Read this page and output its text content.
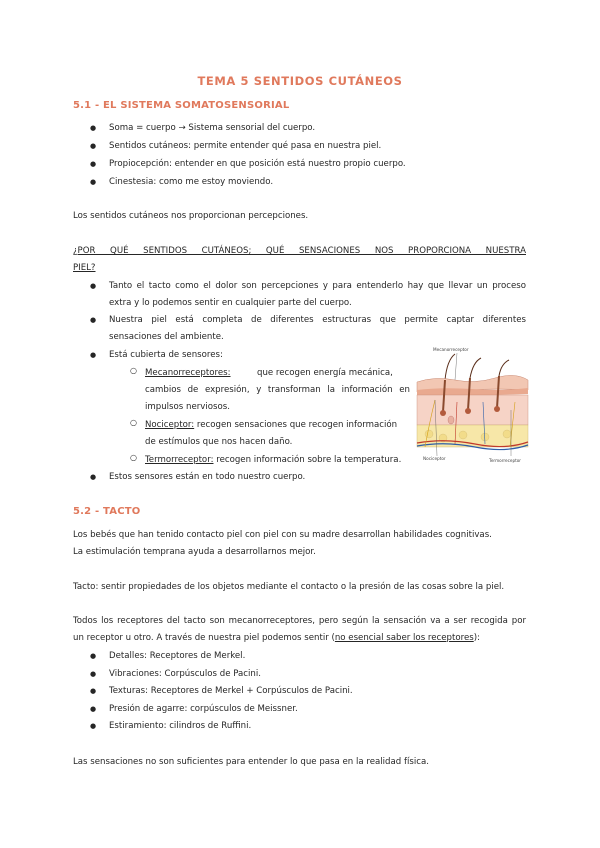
TEMA 5 SENTIDOS CUTÁNEOS
5.1 - EL SISTEMA SOMATOSENSORIAL
● Soma = cuerpo → Sistema sensorial del cuerpo.
● Sentidos cutáneos: permite entender qué pasa en nuestra piel.
● Propiocepción: entender en que posición está nuestro propio cuerpo.
● Cinestesia: como me estoy moviendo.
Los sentidos cutáneos nos proporcionan percepciones.
¿POR QUÉ SENTIDOS CUTÁNEOS; QUÉ SENSACIONES NOS PROPORCIONA NUESTRA
PIEL?
● Tanto el tacto como el dolor son percepciones y para entenderlo hay que llevar un proceso
extra y lo podemos sentir en cualquier parte del cuerpo.
● Nuestra piel está completa de diferentes estructuras que permite captar diferentes
sensaciones del ambiente.
● Está cubierta de sensores:
○ Mecanorreceptores:	que recogen energía mecánica,
cambios de expresión, y transforman la información en
impulsos nerviosos.
○ Nociceptor: recogen sensaciones que recogen información
de estímulos que nos hacen daño.
○ Termorreceptor: recogen información sobre la temperatura.
● Estos sensores están en todo nuestro cuerpo.
Mecanorreceptor
Nociceptor	Termorreceptor
5.2 - TACTO
Los bebés que han tenido contacto piel con piel con su madre desarrollan habilidades cognitivas.
La estimulación temprana ayuda a desarrollarnos mejor.
Tacto: sentir propiedades de los objetos mediante el contacto o la presión de las cosas sobre la piel.
Todos los receptores del tacto son mecanorreceptores, pero según la sensación va a ser recogida por
un receptor u otro. A través de nuestra piel podemos sentir (no esencial saber los receptores):
● Detalles: Receptores de Merkel.
● Vibraciones: Corpúsculos de Pacini.
● Texturas: Receptores de Merkel + Corpúsculos de Pacini.
● Presión de agarre: corpúsculos de Meissner.
● Estiramiento: cilindros de Ruffini.
Las sensaciones no son suficientes para entender lo que pasa en la realidad física.
